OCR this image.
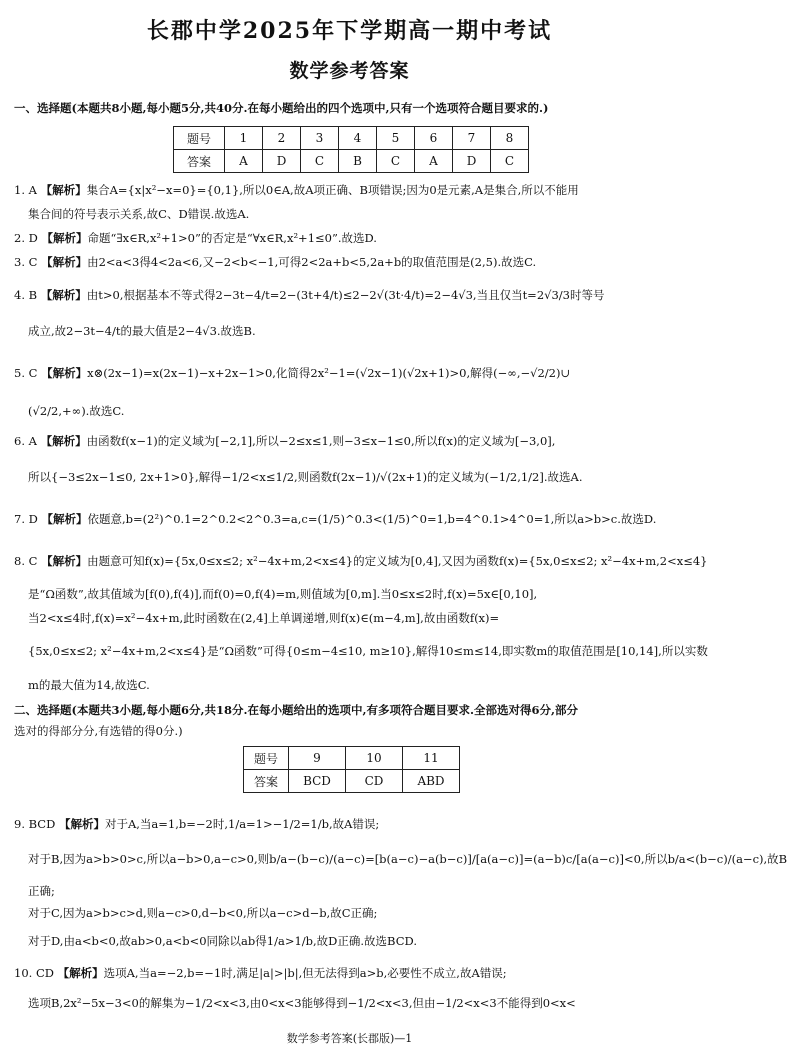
长郡中学2025年下学期高一期中考试
数学参考答案
一、选择题(本题共8小题,每小题5分,共40分.在每小题给出的四个选项中,只有一个选项符合题目要求的.)
题号	1	2	3	4	5	6	7	8
答案	A	D	C	B	C	A	D	C
1. A 【解析】集合A={x|x²−x=0}={0,1},所以0∈A,故A项正确、B项错误;因为0是元素,A是集合,所以不能用
集合间的符号表示关系,故C、D错误.故选A.
2. D 【解析】命题“∃x∈R,x²+1>0”的否定是“∀x∈R,x²+1≤0”.故选D.
3. C 【解析】由2<a<3得4<2a<6,又−2<b<−1,可得2<2a+b<5,2a+b的取值范围是(2,5).故选C.
4. B 【解析】由t>0,根据基本不等式得2−3t−4/t=2−(3t+4/t)≤2−2√(3t·4/t)=2−4√3,当且仅当t=2√3/3时等号
成立,故2−3t−4/t的最大值是2−4√3.故选B.
5. C 【解析】x⊗(2x−1)=x(2x−1)−x+2x−1>0,化简得2x²−1=(√2x−1)(√2x+1)>0,解得(−∞,−√2/2)∪
(√2/2,+∞).故选C.
6. A 【解析】由函数f(x−1)的定义域为[−2,1],所以−2≤x≤1,则−3≤x−1≤0,所以f(x)的定义域为[−3,0],
所以{−3≤2x−1≤0, 2x+1>0},解得−1/2<x≤1/2,则函数f(2x−1)/√(2x+1)的定义域为(−1/2,1/2].故选A.
7. D 【解析】依题意,b=(2²)^0.1=2^0.2<2^0.3=a,c=(1/5)^0.3<(1/5)^0=1,b=4^0.1>4^0=1,所以a>b>c.故选D.
8. C 【解析】由题意可知f(x)={5x,0≤x≤2; x²−4x+m,2<x≤4}的定义域为[0,4],又因为函数f(x)={5x,0≤x≤2; x²−4x+m,2<x≤4}
是“Ω函数”,故其值域为[f(0),f(4)],而f(0)=0,f(4)=m,则值域为[0,m].当0≤x≤2时,f(x)=5x∈[0,10],
当2<x≤4时,f(x)=x²−4x+m,此时函数在(2,4]上单调递增,则f(x)∈(m−4,m],故由函数f(x)=
{5x,0≤x≤2; x²−4x+m,2<x≤4}是“Ω函数”可得{0≤m−4≤10, m≥10},解得10≤m≤14,即实数m的取值范围是[10,14],所以实数
m的最大值为14,故选C.
二、选择题(本题共3小题,每小题6分,共18分.在每小题给出的选项中,有多项符合题目要求.全部选对得6分,部分
选对的得部分分,有选错的得0分.)
题号	9	10	11
答案	BCD	CD	ABD
9. BCD 【解析】对于A,当a=1,b=−2时,1/a=1>−1/2=1/b,故A错误;
对于B,因为a>b>0>c,所以a−b>0,a−c>0,则b/a−(b−c)/(a−c)=[b(a−c)−a(b−c)]/[a(a−c)]=(a−b)c/[a(a−c)]<0,所以b/a<(b−c)/(a−c),故B
正确;
对于C,因为a>b>c>d,则a−c>0,d−b<0,所以a−c>d−b,故C正确;
对于D,由a<b<0,故ab>0,a<b<0同除以ab得1/a>1/b,故D正确.故选BCD.
10. CD 【解析】选项A,当a=−2,b=−1时,满足|a|>|b|,但无法得到a>b,必要性不成立,故A错误;
选项B,2x²−5x−3<0的解集为−1/2<x<3,由0<x<3能够得到−1/2<x<3,但由−1/2<x<3不能得到0<x<
数学参考答案(长郡版)—1
